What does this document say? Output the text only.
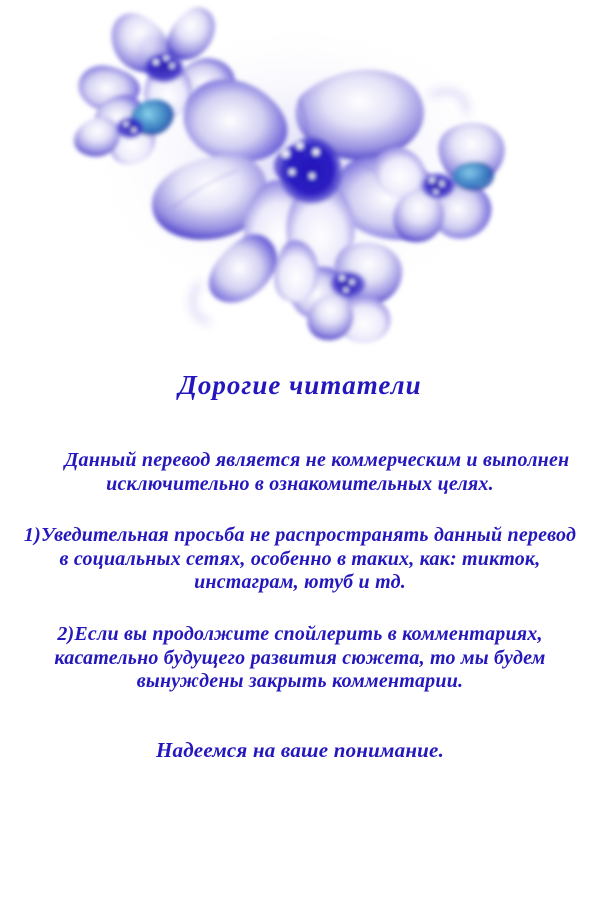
Дорогие читатели

Данный перевод является не коммерческим и выполнен исключительно в ознакомительных целях.

1)Уведительная просьба не распространять данный перевод в социальных сетях, особенно в таких, как: тикток, инстаграм, ютуб и тд.

2)Если вы продолжите спойлерить в комментариях, касательно будущего развития сюжета, то мы будем вынуждены закрыть комментарии.

Надеемся на ваше понимание.
